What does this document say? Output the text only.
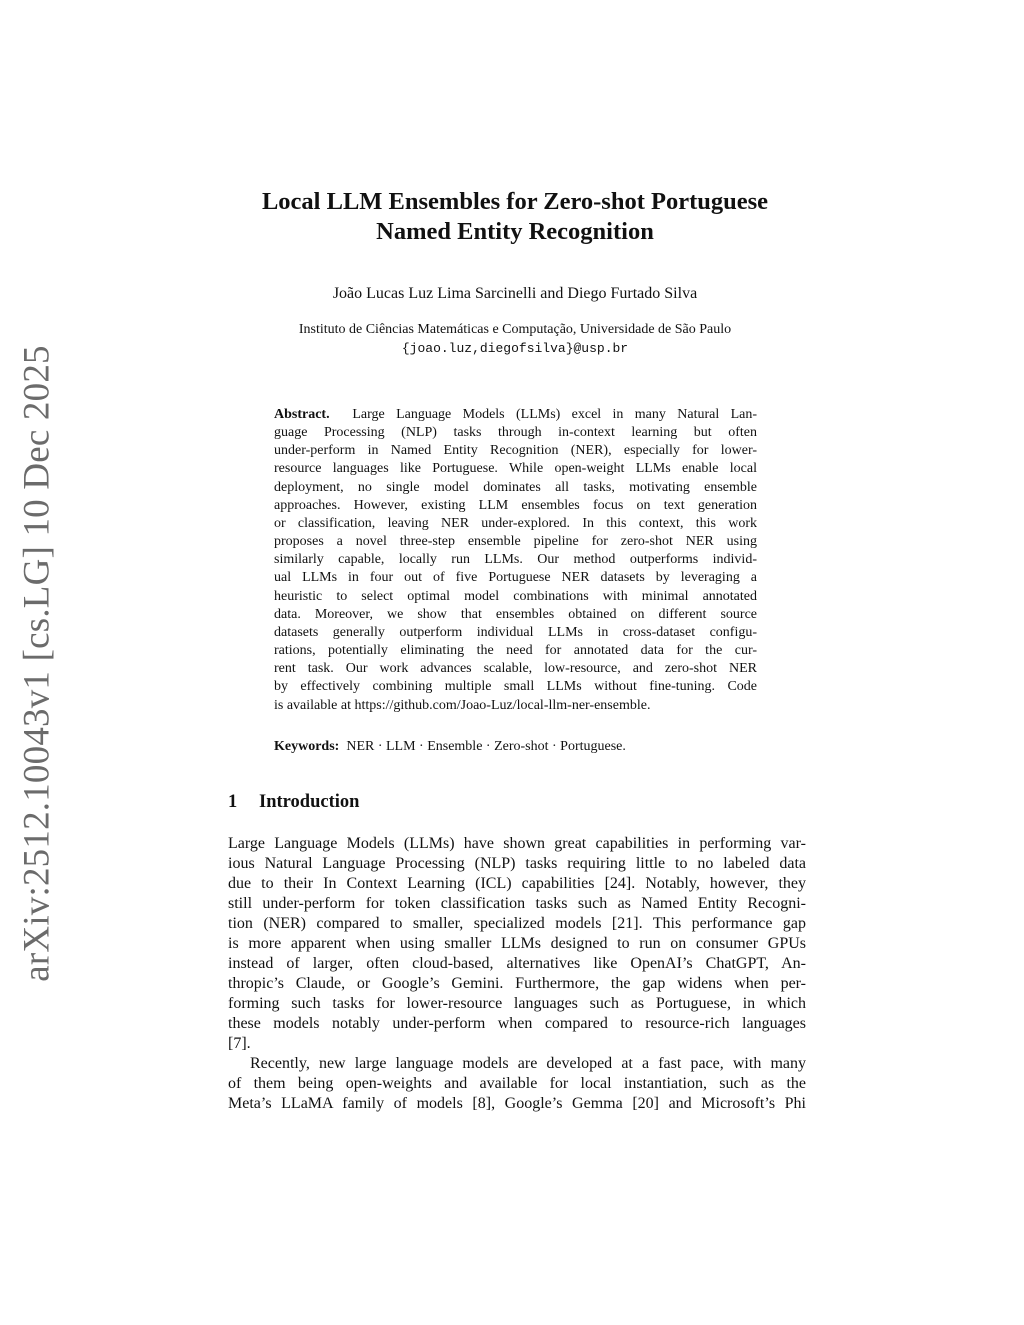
arXiv:2512.10043v1 [cs.LG] 10 Dec 2025
Local LLM Ensembles for Zero-shot Portuguese
Named Entity Recognition
João Lucas Luz Lima Sarcinelli and Diego Furtado Silva
Instituto de Ciências Matemáticas e Computação, Universidade de São Paulo
{joao.luz,diegofsilva}@usp.br
Abstract. Large Language Models (LLMs) excel in many Natural Lan-
guage Processing (NLP) tasks through in-context learning but often
under-perform in Named Entity Recognition (NER), especially for lower-
resource languages like Portuguese. While open-weight LLMs enable local
deployment, no single model dominates all tasks, motivating ensemble
approaches. However, existing LLM ensembles focus on text generation
or classification, leaving NER under-explored. In this context, this work
proposes a novel three-step ensemble pipeline for zero-shot NER using
similarly capable, locally run LLMs. Our method outperforms individ-
ual LLMs in four out of five Portuguese NER datasets by leveraging a
heuristic to select optimal model combinations with minimal annotated
data. Moreover, we show that ensembles obtained on different source
datasets generally outperform individual LLMs in cross-dataset configu-
rations, potentially eliminating the need for annotated data for the cur-
rent task. Our work advances scalable, low-resource, and zero-shot NER
by effectively combining multiple small LLMs without fine-tuning. Code
is available at https://github.com/Joao-Luz/local-llm-ner-ensemble.
Keywords: NER · LLM · Ensemble · Zero-shot · Portuguese.
1 Introduction
Large Language Models (LLMs) have shown great capabilities in performing var-
ious Natural Language Processing (NLP) tasks requiring little to no labeled data
due to their In Context Learning (ICL) capabilities [24]. Notably, however, they
still under-perform for token classification tasks such as Named Entity Recogni-
tion (NER) compared to smaller, specialized models [21]. This performance gap
is more apparent when using smaller LLMs designed to run on consumer GPUs
instead of larger, often cloud-based, alternatives like OpenAI’s ChatGPT, An-
thropic’s Claude, or Google’s Gemini. Furthermore, the gap widens when per-
forming such tasks for lower-resource languages such as Portuguese, in which
these models notably under-perform when compared to resource-rich languages
[7].
Recently, new large language models are developed at a fast pace, with many
of them being open-weights and available for local instantiation, such as the
Meta’s LLaMA family of models [8], Google’s Gemma [20] and Microsoft’s Phi
